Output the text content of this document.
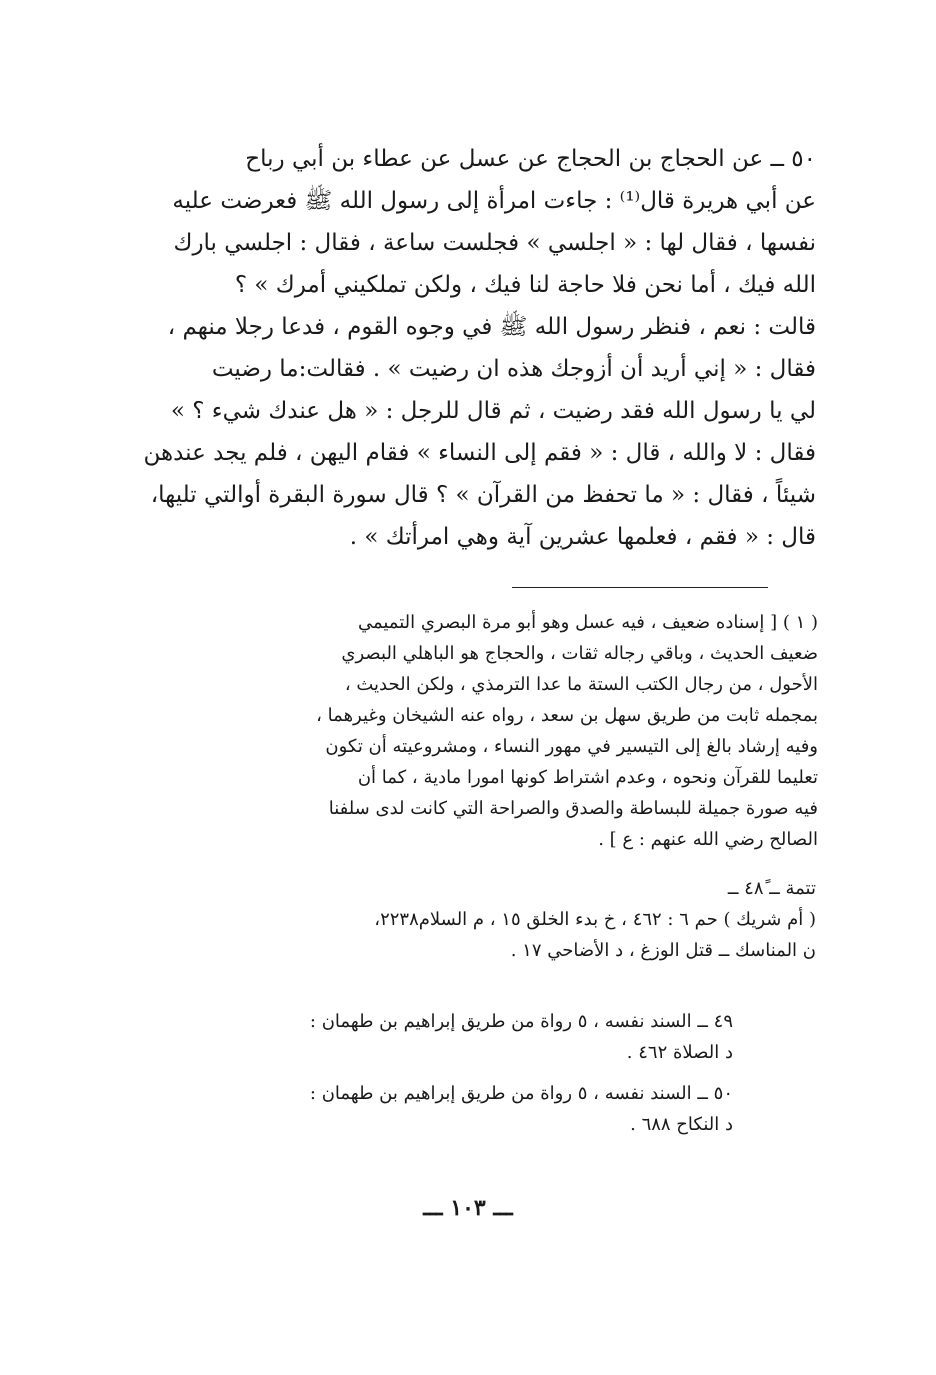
٥٠ً ــ عن الحجاج بن الحجاج عن عسل عن عطاء بن أبي رباح
عن أبي هريرة قال⁽¹⁾ : جاءت امرأة إلى رسول الله ﷺ فعرضت عليه
نفسها ، فقال لها : « اجلسي » فجلست ساعة ، فقال : اجلسي بارك
الله فيك ، أما نحن فلا حاجة لنا فيك ، ولكن تملكيني أمرك » ؟
قالت : نعم ، فنظر رسول الله ﷺ في وجوه القوم ، فدعا رجلا منهم ،
فقال : « إني أريد أن أزوجك هذه ان رضيت » . فقالت:ما رضيت
لي يا رسول الله فقد رضيت ، ثم قال للرجل : « هل عندك شيء ؟ »
فقال : لا والله ، قال : « فقم إلى النساء » فقام اليهن ، فلم يجد عندهن
شيئاً ، فقال : « ما تحفظ من القرآن » ؟ قال سورة البقرة أوالتي تليها،
قال : « فقم ، فعلمها عشرين آية وهي امرأتك » .
( ١ ) [ إسناده ضعيف ، فيه عسل وهو أبو مرة البصري التميمي
ضعيف الحديث ، وباقي رجاله ثقات ، والحجاج هو الباهلي البصري
الأحول ، من رجال الكتب الستة ما عدا الترمذي ، ولكن الحديث ،
بمجمله ثابت من طريق سهل بن سعد ، رواه عنه الشيخان وغيرهما ،
وفيه إرشاد بالغ إلى التيسير في مهور النساء ، ومشروعيته أن تكون
تعليما للقرآن ونحوه ، وعدم اشتراط كونها امورا مادية ، كما أن
فيه صورة جميلة للبساطة والصدق والصراحة التي كانت لدى سلفنا
الصالح رضي الله عنهم : ع ] .
تتمة ــ ٤٨ً ــ
( أم شريك ) حم ٦ : ٤٦٢ ، خ بدء الخلق ١٥ ، م السلام٢٢٣٨،
ن المناسك ــ قتل الوزغ ، د الأضاحي ١٧ .
٤٩ً ــ السند نفسه ، ٥ رواة من طريق إبراهيم بن طهمان :
د الصلاة ٤٦٢ .
٥٠ً ــ السند نفسه ، ٥ رواة من طريق إبراهيم بن طهمان :
د النكاح ٦٨٨ .
ـــ ١٠٣ ـــ
